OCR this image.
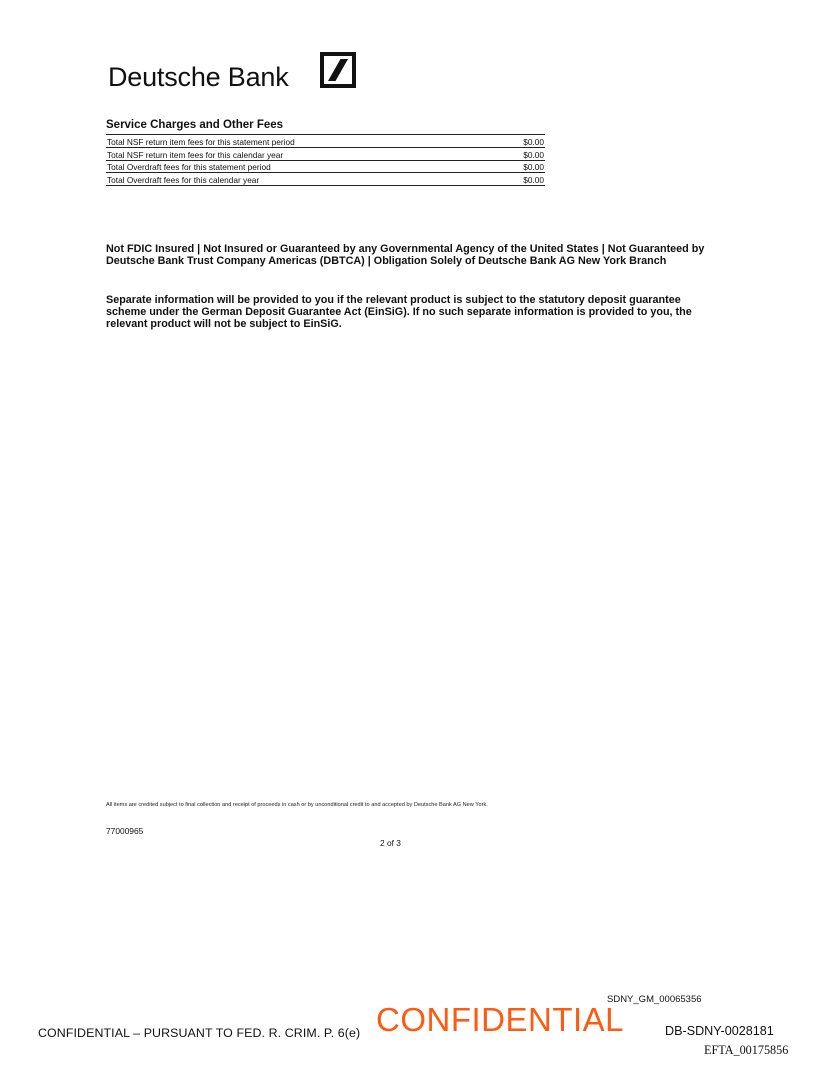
Deutsche Bank
Service Charges and Other Fees
Total NSF return item fees for this statement period	$0.00
Total NSF return item fees for this calendar year	$0.00
Total Overdraft fees for this statement period	$0.00
Total Overdraft fees for this calendar year	$0.00
Not FDIC Insured | Not Insured or Guaranteed by any Governmental Agency of the United States | Not Guaranteed by Deutsche Bank Trust Company Americas (DBTCA) | Obligation Solely of Deutsche Bank AG New York Branch
Separate information will be provided to you if the relevant product is subject to the statutory deposit guarantee scheme under the German Deposit Guarantee Act (EinSiG). If no such separate information is provided to you, the relevant product will not be subject to EinSiG.
All items are credited subject to final collection and receipt of proceeds in cash or by unconditional credit to and accepted by Deutsche Bank AG New York.
77000965
2 of 3
SDNY_GM_00065356
CONFIDENTIAL – PURSUANT TO FED. R. CRIM. P. 6(e) CONFIDENTIAL	DB-SDNY-0028181
EFTA_00175856
